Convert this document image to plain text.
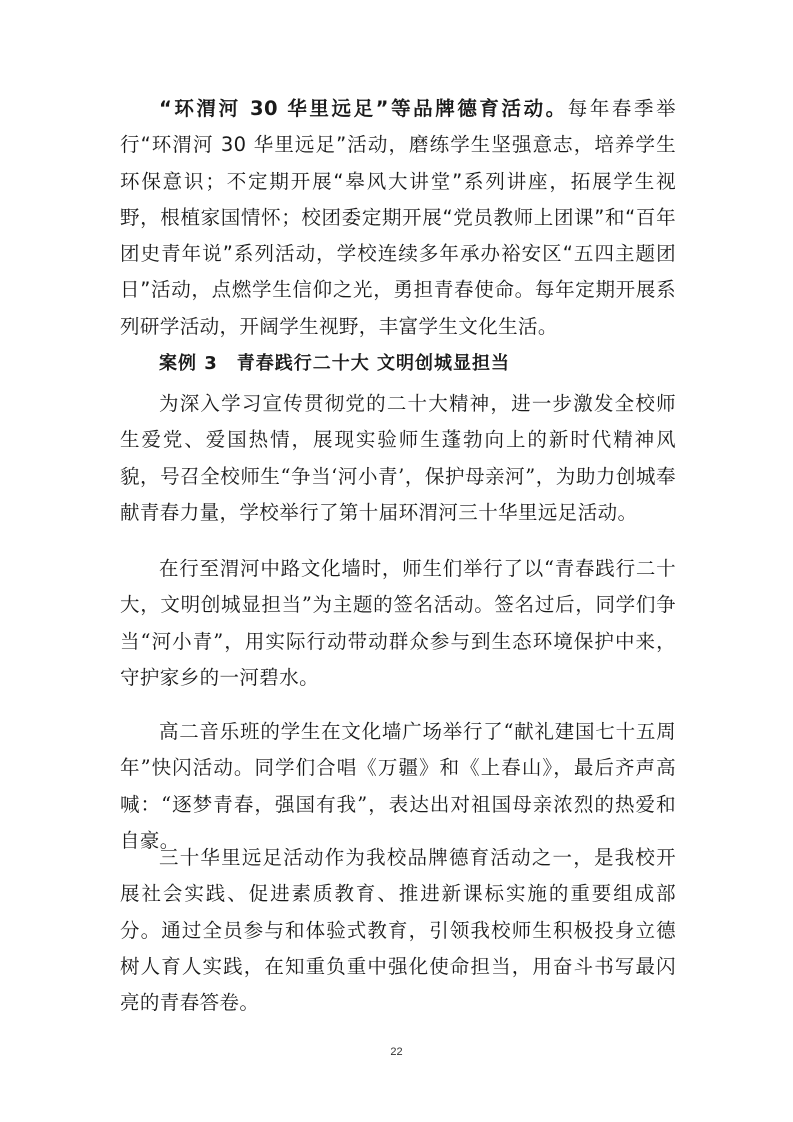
“环渭河 30 华里远足”等品牌德育活动。每年春季举行“环渭河 30 华里远足”活动，磨练学生坚强意志，培养学生环保意识；不定期开展“皋风大讲堂”系列讲座，拓展学生视野，根植家国情怀；校团委定期开展“党员教师上团课”和“百年团史青年说”系列活动，学校连续多年承办裕安区“五四主题团日”活动，点燃学生信仰之光，勇担青春使命。每年定期开展系列研学活动，开阔学生视野，丰富学生文化生活。

案例 3　青春践行二十大 文明创城显担当

为深入学习宣传贯彻党的二十大精神，进一步激发全校师生爱党、爱国热情，展现实验师生蓬勃向上的新时代精神风貌，号召全校师生“争当‘河小青’，保护母亲河”，为助力创城奉献青春力量，学校举行了第十届环渭河三十华里远足活动。

在行至渭河中路文化墙时，师生们举行了以“青春践行二十大，文明创城显担当”为主题的签名活动。签名过后，同学们争当“河小青”，用实际行动带动群众参与到生态环境保护中来，守护家乡的一河碧水。

高二音乐班的学生在文化墙广场举行了“献礼建国七十五周年”快闪活动。同学们合唱《万疆》和《上春山》，最后齐声高喊：“逐梦青春，强国有我”，表达出对祖国母亲浓烈的热爱和自豪。

三十华里远足活动作为我校品牌德育活动之一，是我校开展社会实践、促进素质教育、推进新课标实施的重要组成部分。通过全员参与和体验式教育，引领我校师生积极投身立德树人育人实践，在知重负重中强化使命担当，用奋斗书写最闪亮的青春答卷。

22
